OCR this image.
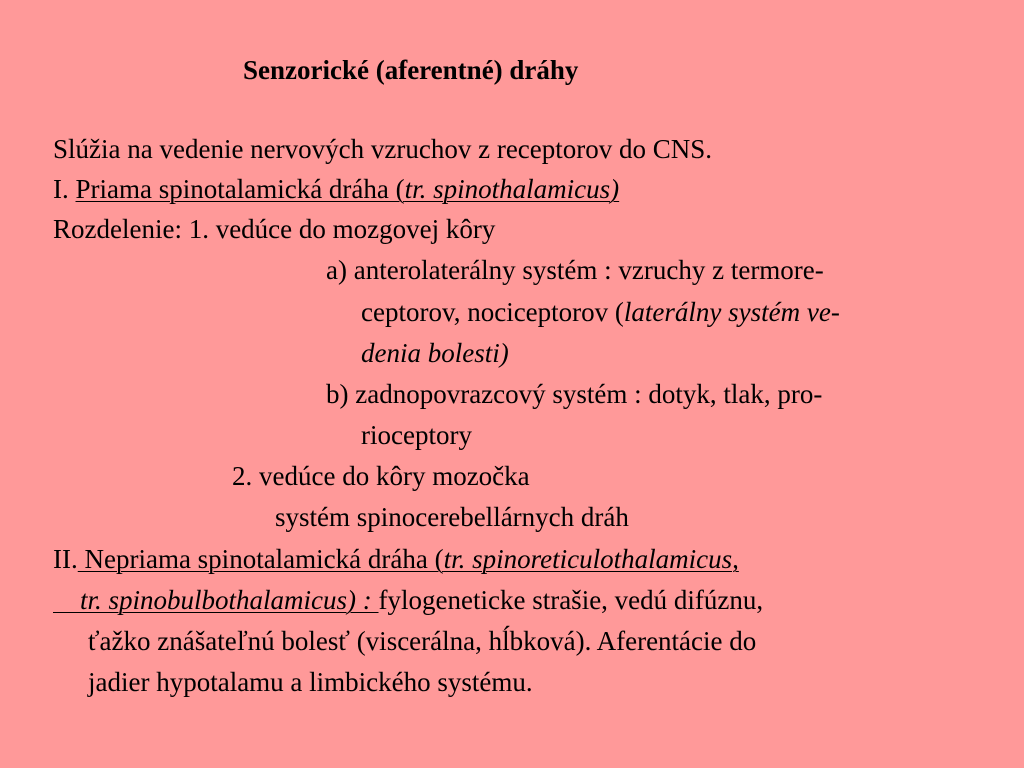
Senzorické (aferentné) dráhy
Slúžia na vedenie nervových vzruchov z receptorov do CNS.
I. Priama spinotalamická dráha (tr. spinothalamicus)
Rozdelenie: 1. vedúce do mozgovej kôry
a) anterolaterálny systém : vzruchy z termore-
ceptorov, nociceptorov (laterálny systém ve-
denia bolesti)
b) zadnopovrazcový systém : dotyk, tlak, pro-
rioceptory
2. vedúce do kôry mozočka
systém spinocerebellárnych dráh
II. Nepriama spinotalamická dráha (tr. spinoreticulothalamicus,
tr. spinobulbothalamicus) : fylogeneticke strašie, vedú difúznu,
ťažko znášateľnú bolesť (viscerálna, hĺbková). Aferentácie do
jadier hypotalamu a limbického systému.
